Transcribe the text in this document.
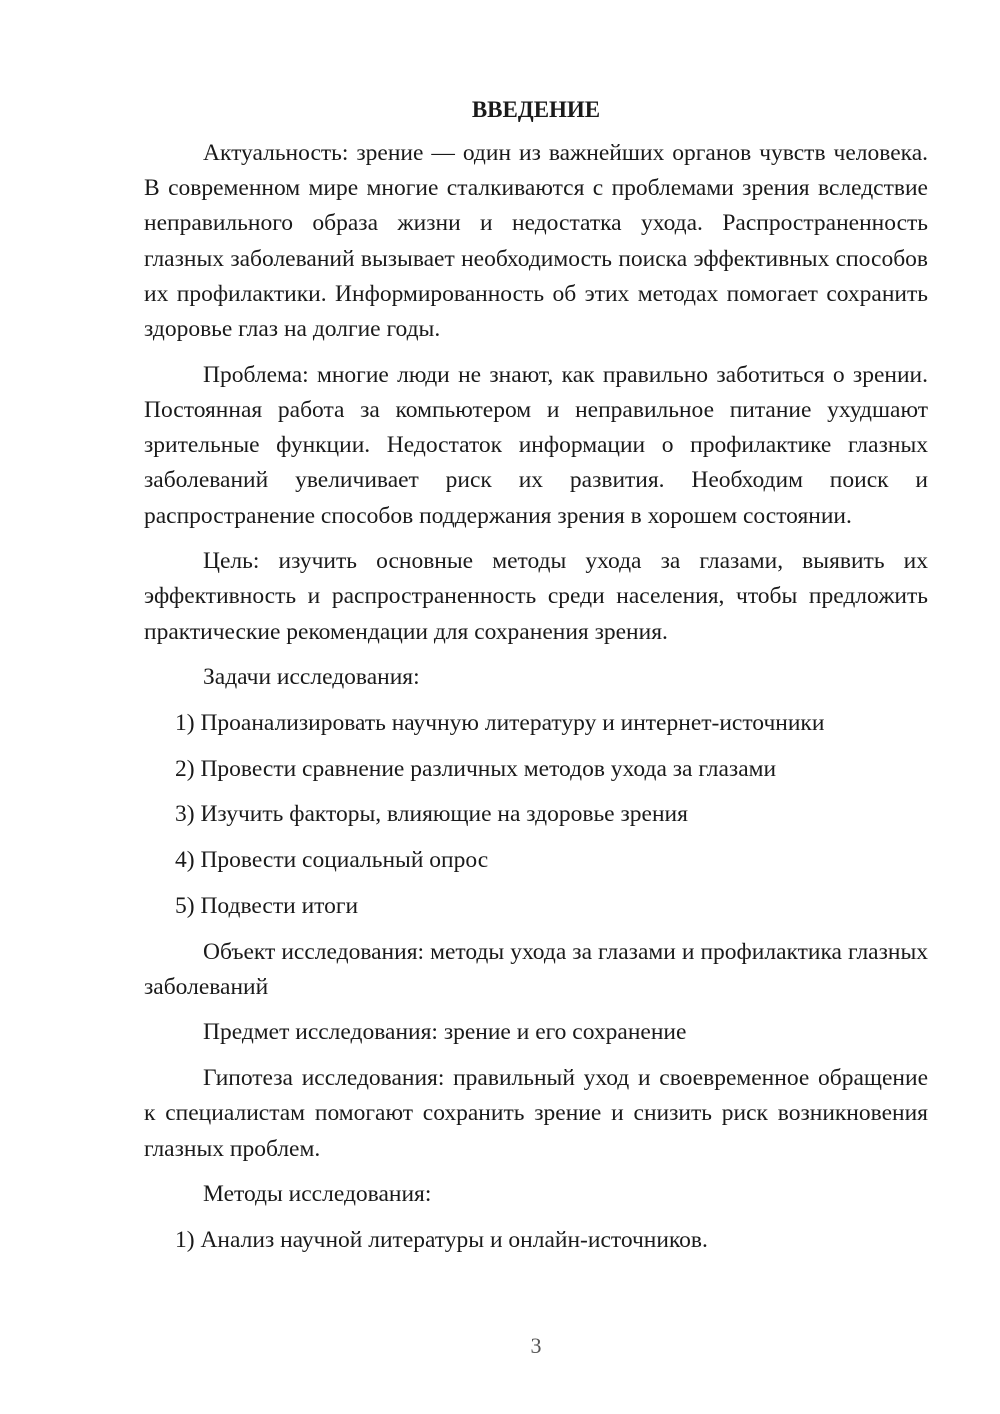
ВВЕДЕНИЕ

Актуальность: зрение — один из важнейших органов чувств человека. В современном мире многие сталкиваются с проблемами зрения вследствие неправильного образа жизни и недостатка ухода. Распространенность глазных заболеваний вызывает необходимость поиска эффективных способов их профилактики. Информированность об этих методах помогает сохранить здоровье глаз на долгие годы.

Проблема: многие люди не знают, как правильно заботиться о зрении. Постоянная работа за компьютером и неправильное питание ухудшают зрительные функции. Недостаток информации о профилактике глазных заболеваний увеличивает риск их развития. Необходим поиск и распространение способов поддержания зрения в хорошем состоянии.

Цель: изучить основные методы ухода за глазами, выявить их эффективность и распространенность среди населения, чтобы предложить практические рекомендации для сохранения зрения.

Задачи исследования:

1) Проанализировать научную литературу и интернет-источники
2) Провести сравнение различных методов ухода за глазами
3) Изучить факторы, влияющие на здоровье зрения
4) Провести социальный опрос
5) Подвести итоги

Объект исследования: методы ухода за глазами и профилактика глазных заболеваний

Предмет исследования: зрение и его сохранение

Гипотеза исследования: правильный уход и своевременное обращение к специалистам помогают сохранить зрение и снизить риск возникновения глазных проблем.

Методы исследования:

1) Анализ научной литературы и онлайн-источников.
3
